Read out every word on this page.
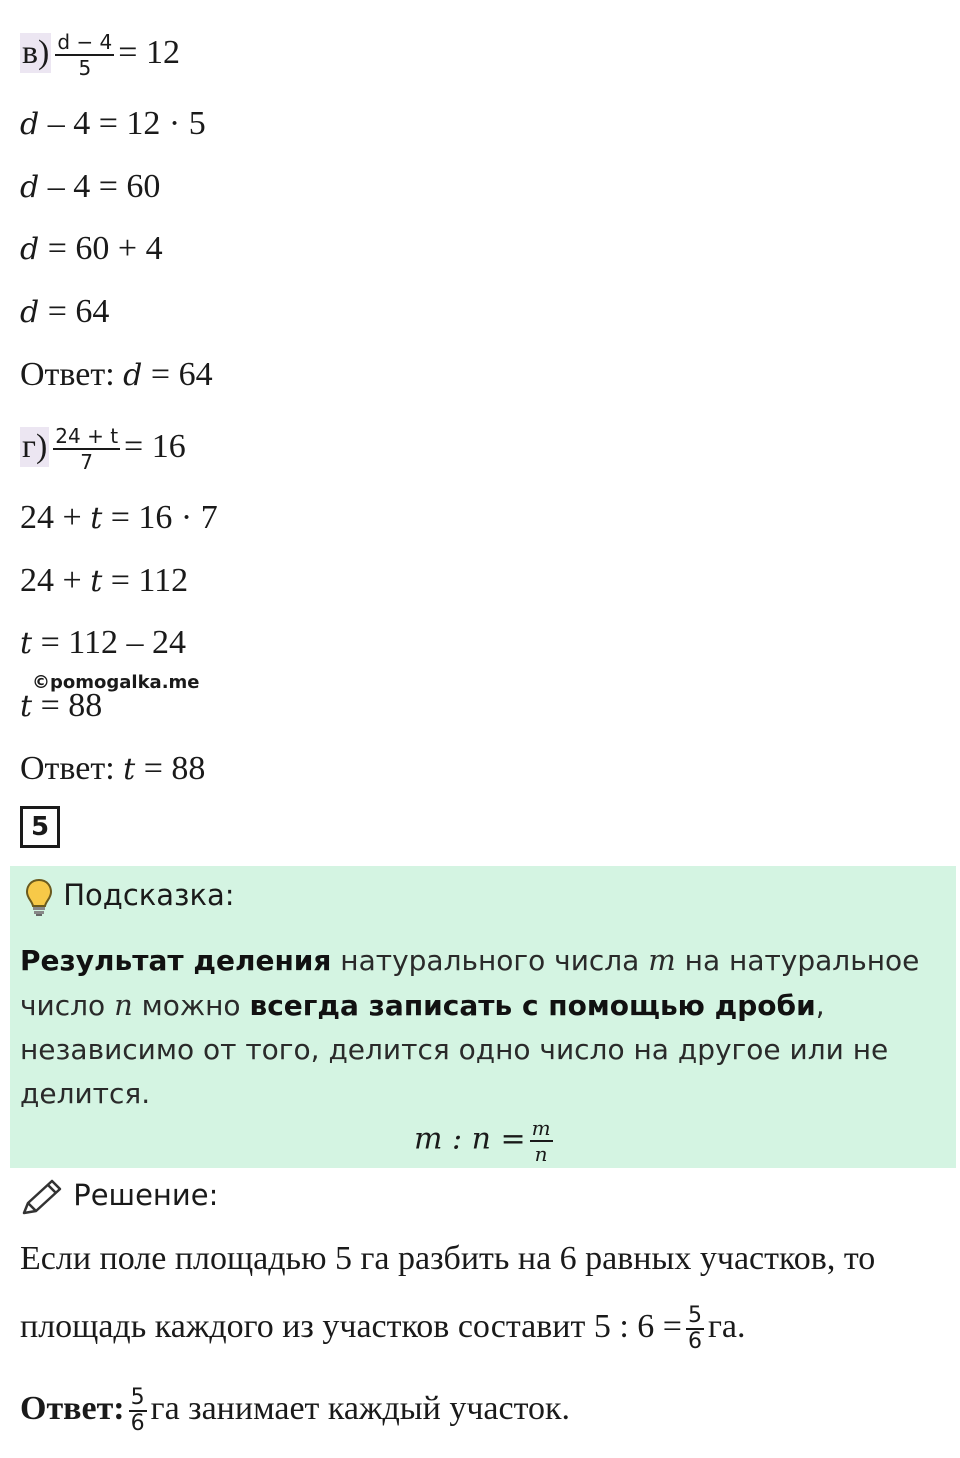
$в) \frac{d - 4}{5} = 12$
d – 4 = 12 · 5
d – 4 = 60
d = 60 + 4
d = 64
Ответ: d = 64
$г) \frac{24 + t}{7} = 16$
24 + t = 16 · 7
24 + t = 112
t = 112 – 24
t = 88
Ответ: t = 88
©pomogalka.me
5
Подсказка:
Результат деления натурального числа m на натуральное число n можно всегда записать с помощью дроби, независимо от того, делится одно число на другое или не делится.
m : $n = \frac{m}{n}$
Решение:
Если поле площадью 5 га разбить на 6 равных участков, то
площадь каждого из участков составит 5 : $6 = \frac{5}{6}$ га.
Ответ: $\frac{5}{6}$ га занимает каждый участок.
